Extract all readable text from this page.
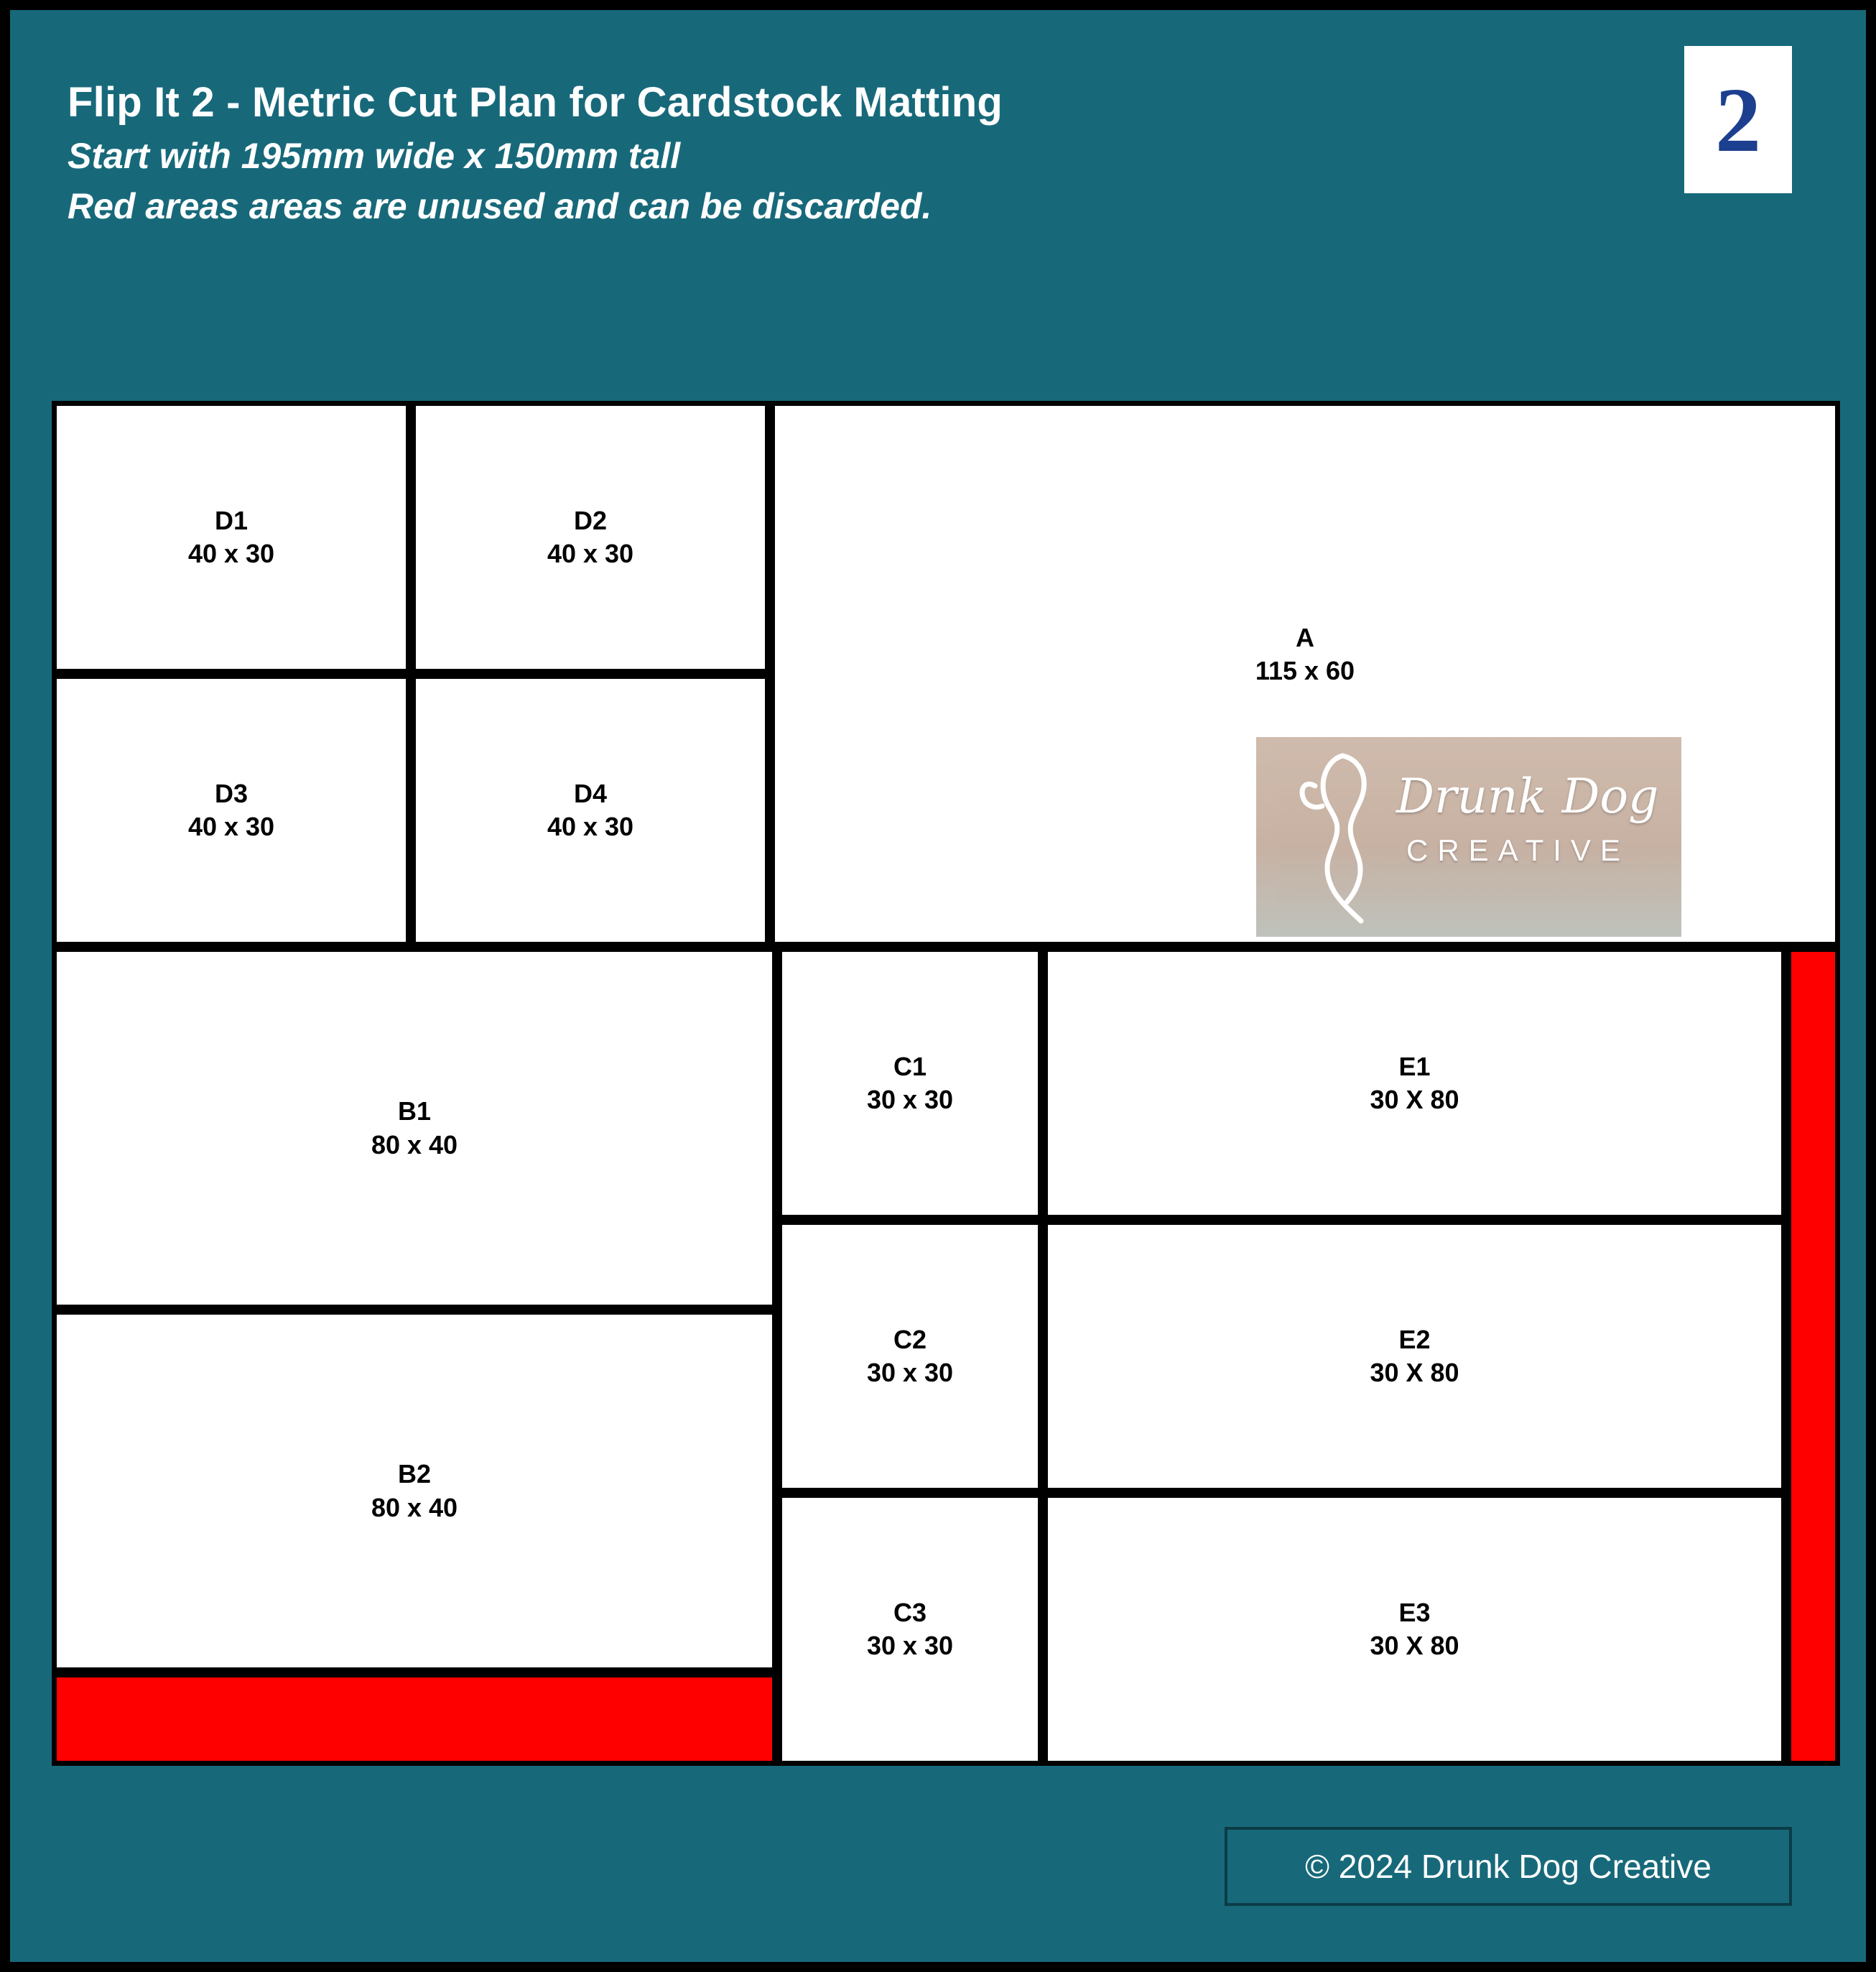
Flip It 2 - Metric Cut Plan for Cardstock Matting
Start with 195mm wide x 150mm tall
Red areas areas are unused and can be discarded.
2
D1
40 x 30
D2
40 x 30
A
115 x 60
D3
40 x 30
D4
40 x 30
B1
80 x 40
C1
30 x 30
E1
30 X 80
C2
30 x 30
E2
30 X 80
B2
80 x 40
C3
30 x 30
E3
30 X 80
Drunk Dog
CREATIVE
© 2024 Drunk Dog Creative
